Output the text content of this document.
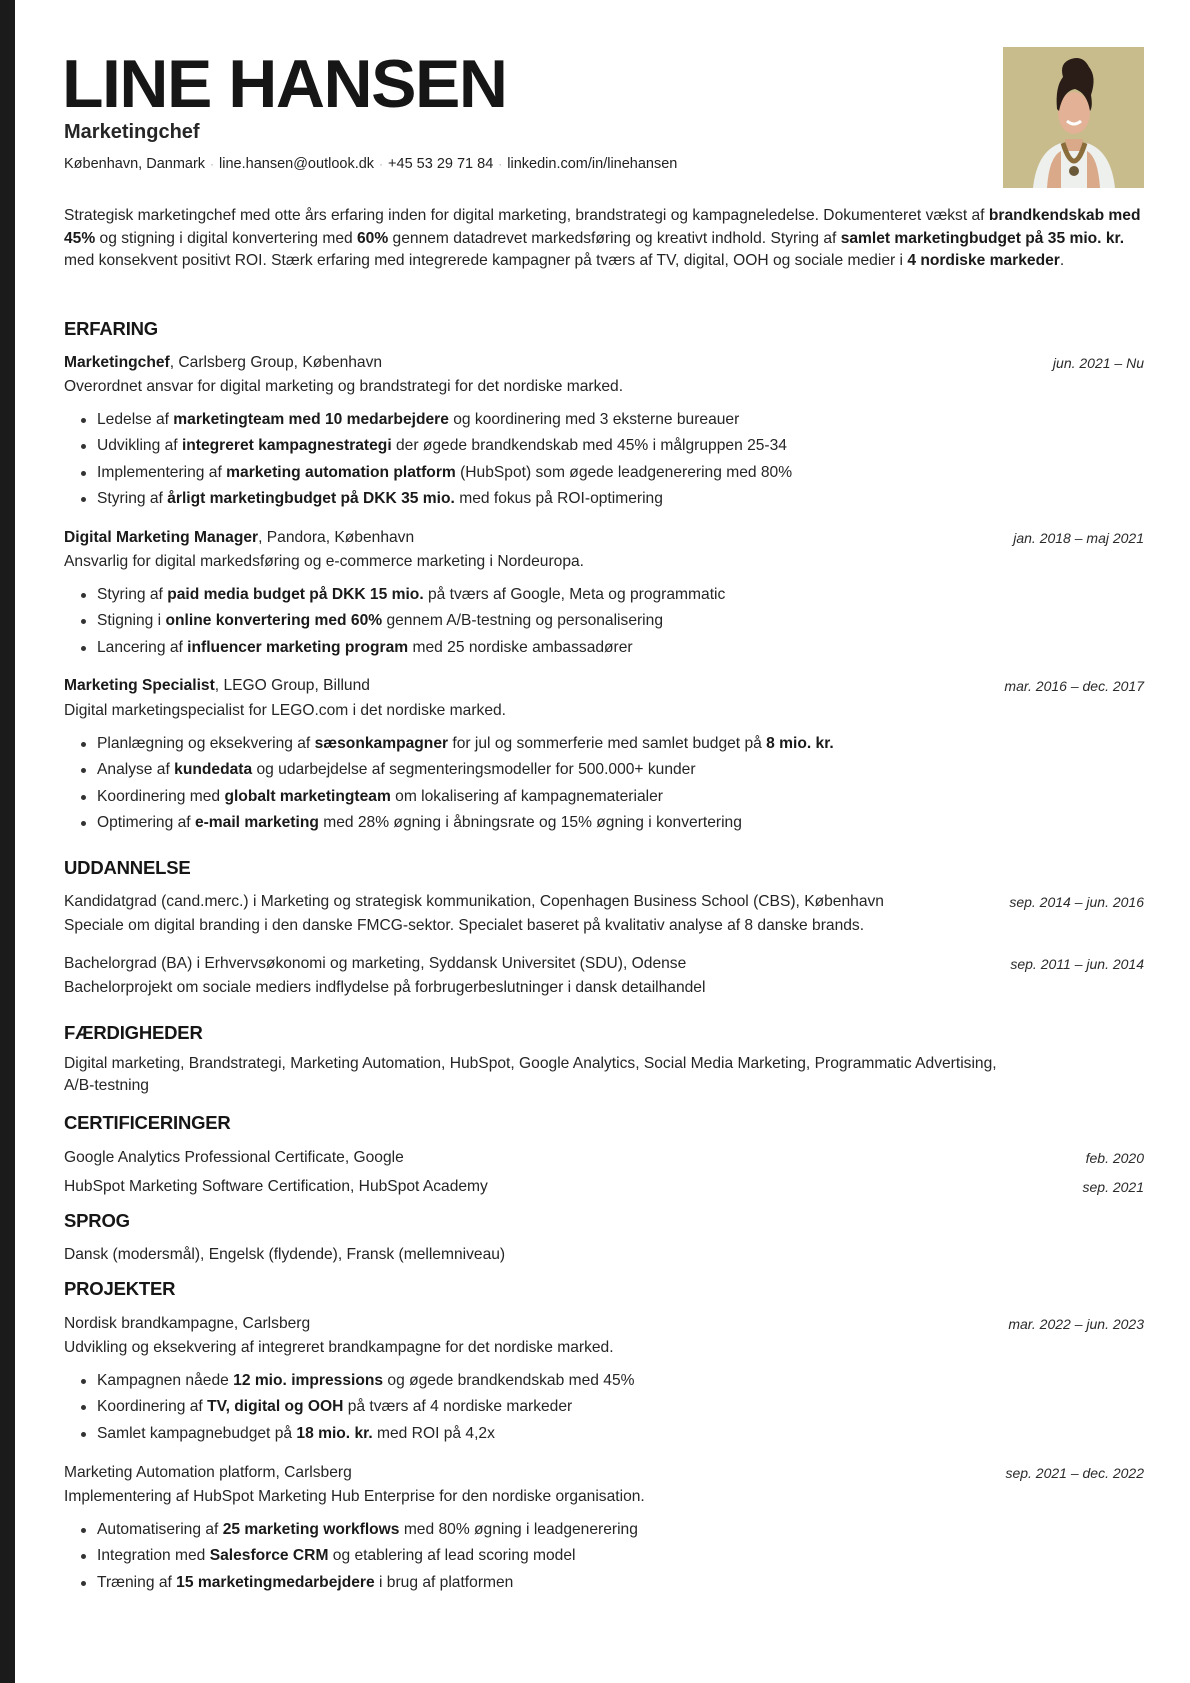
LINE HANSEN
Marketingchef
København, Danmark · line.hansen@outlook.dk · +45 53 29 71 84 · linkedin.com/in/linehansen

Strategisk marketingchef med otte års erfaring inden for digital marketing, brandstrategi og kampagneledelse. Dokumenteret vækst af brandkendskab med 45% og stigning i digital konvertering med 60% gennem datadrevet markedsføring og kreativt indhold. Styring af samlet marketingbudget på 35 mio. kr. med konsekvent positivt ROI. Stærk erfaring med integrerede kampagner på tværs af TV, digital, OOH og sociale medier i 4 nordiske markeder.

ERFARING
Marketingchef, Carlsberg Group, København	jun. 2021 – Nu
Overordnet ansvar for digital marketing og brandstrategi for det nordiske marked.
Ledelse af marketingteam med 10 medarbejdere og koordinering med 3 eksterne bureauer
Udvikling af integreret kampagnestrategi der øgede brandkendskab med 45% i målgruppen 25-34
Implementering af marketing automation platform (HubSpot) som øgede leadgenerering med 80%
Styring af årligt marketingbudget på DKK 35 mio. med fokus på ROI-optimering
Digital Marketing Manager, Pandora, København	jan. 2018 – maj 2021
Ansvarlig for digital markedsføring og e-commerce marketing i Nordeuropa.
Styring af paid media budget på DKK 15 mio. på tværs af Google, Meta og programmatic
Stigning i online konvertering med 60% gennem A/B-testning og personalisering
Lancering af influencer marketing program med 25 nordiske ambassadører
Marketing Specialist, LEGO Group, Billund	mar. 2016 – dec. 2017
Digital marketingspecialist for LEGO.com i det nordiske marked.
Planlægning og eksekvering af sæsonkampagner for jul og sommerferie med samlet budget på 8 mio. kr.
Analyse af kundedata og udarbejdelse af segmenteringsmodeller for 500.000+ kunder
Koordinering med globalt marketingteam om lokalisering af kampagnematerialer
Optimering af e-mail marketing med 28% øgning i åbningsrate og 15% øgning i konvertering
UDDANNELSE
Kandidatgrad (cand.merc.) i Marketing og strategisk kommunikation, Copenhagen Business School (CBS), København	sep. 2014 – jun. 2016
Speciale om digital branding i den danske FMCG-sektor. Specialet baseret på kvalitativ analyse af 8 danske brands.
Bachelorgrad (BA) i Erhvervsøkonomi og marketing, Syddansk Universitet (SDU), Odense	sep. 2011 – jun. 2014
Bachelorprojekt om sociale mediers indflydelse på forbrugerbeslutninger i dansk detailhandel
FÆRDIGHEDER
Digital marketing, Brandstrategi, Marketing Automation, HubSpot, Google Analytics, Social Media Marketing, Programmatic Advertising,
A/B-testning
CERTIFICERINGER
Google Analytics Professional Certificate, Google	feb. 2020
HubSpot Marketing Software Certification, HubSpot Academy	sep. 2021
SPROG
Dansk (modersmål), Engelsk (flydende), Fransk (mellemniveau)
PROJEKTER
Nordisk brandkampagne, Carlsberg	mar. 2022 – jun. 2023
Udvikling og eksekvering af integreret brandkampagne for det nordiske marked.
Kampagnen nåede 12 mio. impressions og øgede brandkendskab med 45%
Koordinering af TV, digital og OOH på tværs af 4 nordiske markeder
Samlet kampagnebudget på 18 mio. kr. med ROI på 4,2x
Marketing Automation platform, Carlsberg	sep. 2021 – dec. 2022
Implementering af HubSpot Marketing Hub Enterprise for den nordiske organisation.
Automatisering af 25 marketing workflows med 80% øgning i leadgenerering
Integration med Salesforce CRM og etablering af lead scoring model
Træning af 15 marketingmedarbejdere i brug af platformen
